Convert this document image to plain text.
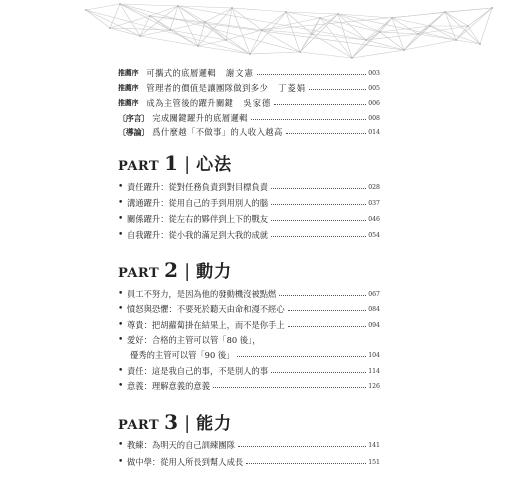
推薦序 可攜式的底層邏輯 謝文憲	003
推薦序 管理者的價值是讓團隊做到多少 丁菱娟	005
推薦序 成為主管後的躍升關鍵 吳家德	006
〔序言〕 完成關鍵躍升的底層邏輯	008
〔導論〕 爲什麼越「不做事」的人收入越高	014
PART 1 | 心法
• 責任躍升：從對任務負責到對目標負責	028
• 溝通躍升：從用自己的手到用別人的腦	037
• 關係躍升：從左右的夥伴到上下的戰友	046
• 自我躍升：從小我的滿足到大我的成就	054
PART 2 | 動力
• 員工不努力，是因為他的發動機沒被點燃	067
• 憤怒與恐懼：不要死於聽天由命和漫不經心	084
• 尊貴：把胡蘿蔔掛在結果上，而不是你手上	094
• 愛好：合格的主管可以管「80 後」，
優秀的主管可以管「90 後」	104
• 責任：這是我自己的事，不是別人的事	114
• 意義：理解意義的意義	126
PART 3 | 能力
• 教練：為明天的自己訓練團隊	141
• 做中學：從用人所長到幫人成長	151
